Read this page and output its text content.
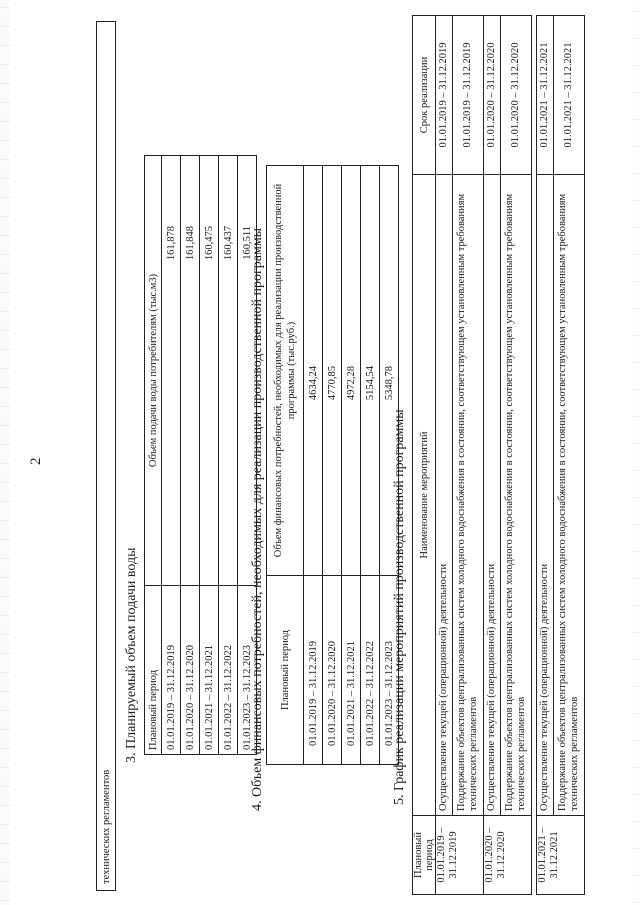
2
технических регламентов
3. Планируемый объем подачи воды Плановый период	Объем подачи воды потребителям (тыс.м3)
01.01.2019 – 31.12.2019	161,878
01.01.2020 – 31.12.2020	161,848
01.01.2021 – 31.12.2021	160,475
01.01.2022 – 31.12.2022	160,437
01.01.2023 – 31.12.2023	160,511
4. Объем финансовых потребностей, необходимых для реализации производственной программы Плановый период	Объем финансовых потребностей, необходимых для реализации производственной программы (тыс.руб.)
01.01.2019 – 31.12.2019	4634,24
01.01.2020 – 31.12.2020	4770,85
01.01.2021 – 31.12.2021	4972,28
01.01.2022 – 31.12.2022	5154,54
01.01.2023 – 31.12.2023	5348,78
5. График реализации мероприятий производственной программы
Плановый период	Наименование мероприятий	Срок реализации
01.01.2019 – 31.12.2019	Осуществление текущей (операционной) деятельности	01.01.2019 – 31.12.2019
	Поддержание объектов централизованных систем холодного водоснабжения в состоянии, соответствующем установленным требованиям технических регламентов	01.01.2019 – 31.12.2019
01.01.2020 – 31.12.2020	Осуществление текущей (операционной) деятельности	01.01.2020 – 31.12.2020
	Поддержание объектов централизованных систем холодного водоснабжения в состоянии, соответствующем установленным требованиям технических регламентов	01.01.2020 – 31.12.2020

01.01.2021 – 31.12.2021	Осуществление текущей (операционной) деятельности	01.01.2021 – 31.12.2021
	Поддержание объектов централизованных систем холодного водоснабжения в состоянии, соответствующем установленным требованиям технических регламентов	01.01.2021 – 31.12.2021
